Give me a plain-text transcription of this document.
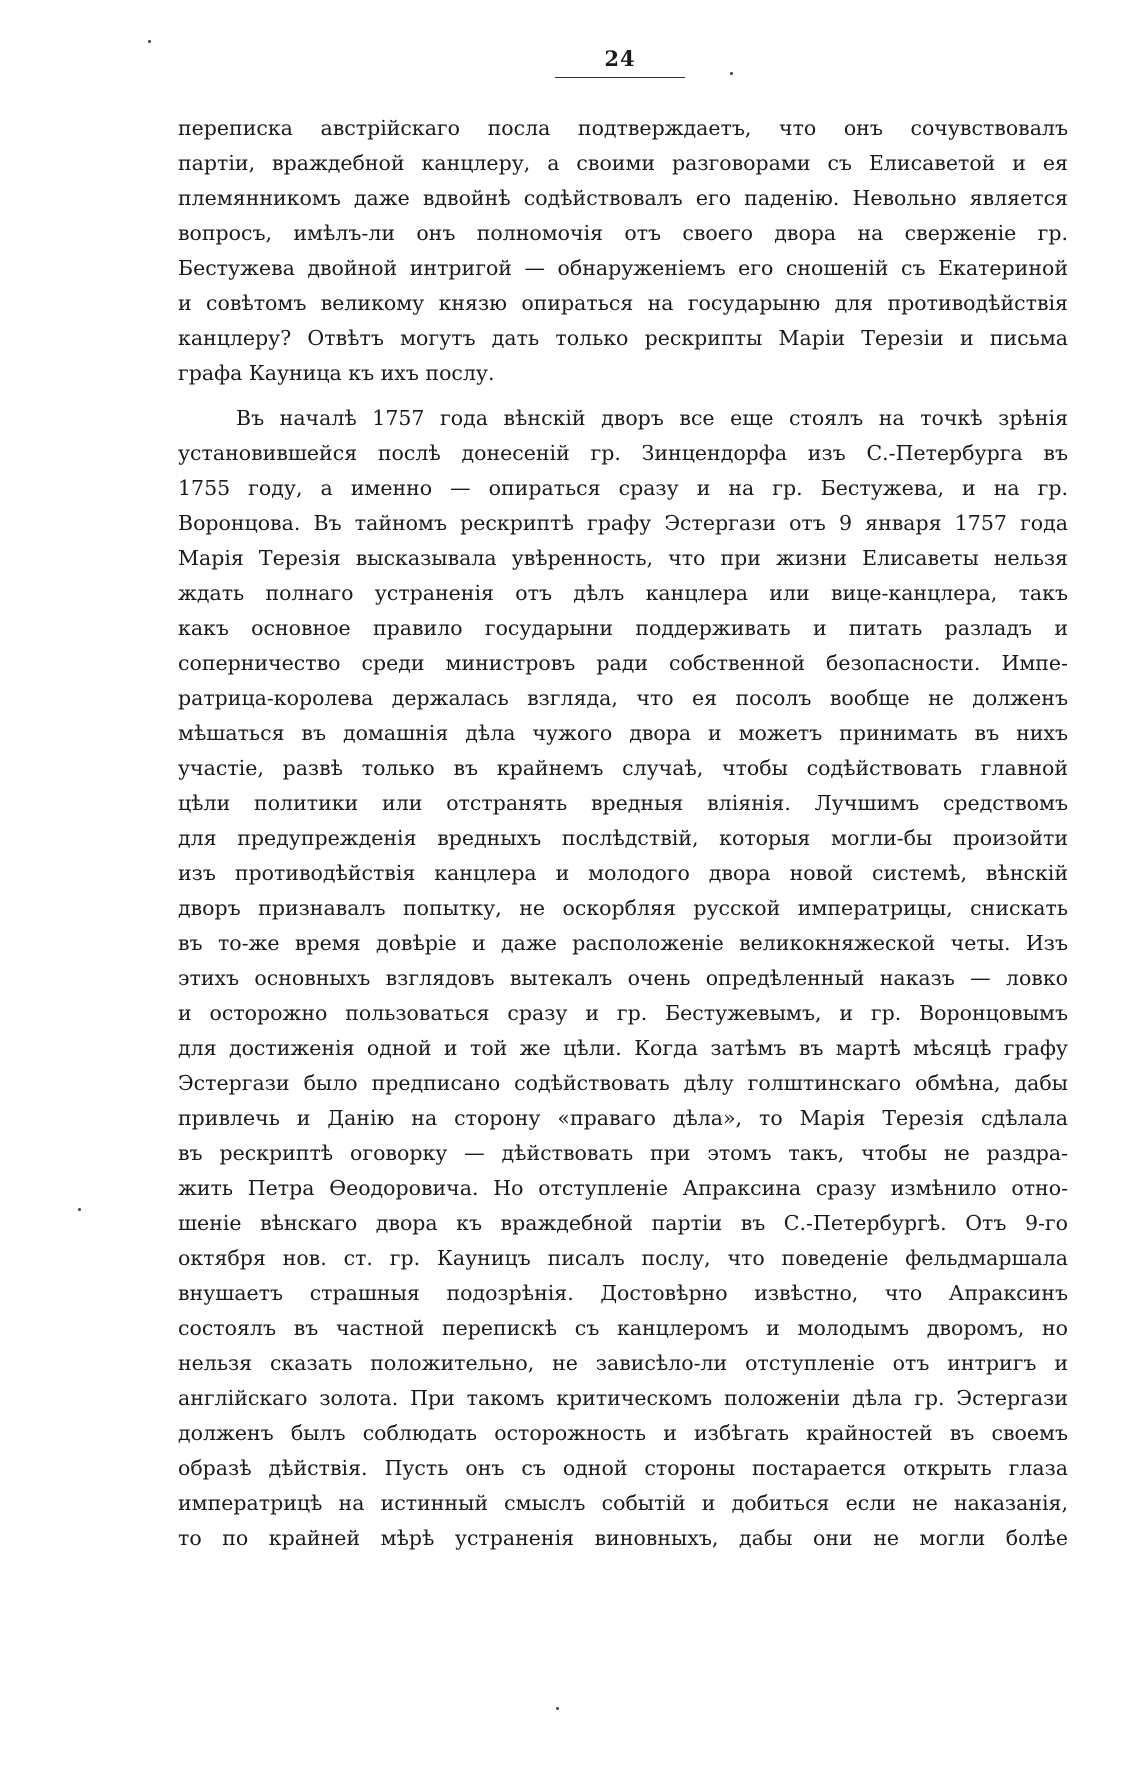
24
переписка австрійскаго посла подтверждаетъ, что онъ сочувствовалъ
партіи, враждебной канцлеру, а своими разговорами съ Елисаветой и ея
племянникомъ даже вдвойнѣ содѣйствовалъ его паденію. Невольно является
вопросъ, имѣлъ-ли онъ полномочія отъ своего двора на сверженіе гр.
Бестужева двойной интригой — обнаруженіемъ его сношеній съ Екатериной
и совѣтомъ великому князю опираться на государыню для противодѣйствія
канцлеру? Отвѣтъ могутъ дать только рескрипты Маріи Терезіи и письма
графа Кауница къ ихъ послу.
Въ началѣ 1757 года вѣнскій дворъ все еще стоялъ на точкѣ зрѣнія
установившейся послѣ донесеній гр. Зинцендорфа изъ С.-Петербурга въ
1755 году, а именно — опираться сразу и на гр. Бестужева, и на гр.
Воронцова. Въ тайномъ рескриптѣ графу Эстергази отъ 9 января 1757 года
Марія Терезія высказывала увѣренность, что при жизни Елисаветы нельзя
ждать полнаго устраненія отъ дѣлъ канцлера или вице-канцлера, такъ
какъ основное правило государыни поддерживать и питать разладъ и
соперничество среди министровъ ради собственной безопасности. Импе-
ратрица-королева держалась взгляда, что ея посолъ вообще не долженъ
мѣшаться въ домашнія дѣла чужого двора и можетъ принимать въ нихъ
участіе, развѣ только въ крайнемъ случаѣ, чтобы содѣйствовать главной
цѣли политики или отстранять вредныя вліянія. Лучшимъ средствомъ
для предупрежденія вредныхъ послѣдствій, которыя могли-бы произойти
изъ противодѣйствія канцлера и молодого двора новой системѣ, вѣнскій
дворъ признавалъ попытку, не оскорбляя русской императрицы, снискать
въ то-же время довѣріе и даже расположеніе великокняжеской четы. Изъ
этихъ основныхъ взглядовъ вытекалъ очень опредѣленный наказъ — ловко
и осторожно пользоваться сразу и гр. Бестужевымъ, и гр. Воронцовымъ
для достиженія одной и той же цѣли. Когда затѣмъ въ мартѣ мѣсяцѣ графу
Эстергази было предписано содѣйствовать дѣлу голштинскаго обмѣна, дабы
привлечь и Данію на сторону «праваго дѣла», то Марія Терезія сдѣлала
въ рескриптѣ оговорку — дѣйствовать при этомъ такъ, чтобы не раздра-
жить Петра Ѳеодоровича. Но отступленіе Апраксина сразу измѣнило отно-
шеніе вѣнскаго двора къ враждебной партіи въ С.-Петербургѣ. Отъ 9-го
октября нов. ст. гр. Кауницъ писалъ послу, что поведеніе фельдмаршала
внушаетъ страшныя подозрѣнія. Достовѣрно извѣстно, что Апраксинъ
состоялъ въ частной перепискѣ съ канцлеромъ и молодымъ дворомъ, но
нельзя сказать положительно, не зависѣло-ли отступленіе отъ интригъ и
англійскаго золота. При такомъ критическомъ положеніи дѣла гр. Эстергази
долженъ былъ соблюдать осторожность и избѣгать крайностей въ своемъ
образѣ дѣйствія. Пусть онъ съ одной стороны постарается открыть глаза
императрицѣ на истинный смыслъ событій и добиться если не наказанія,
то по крайней мѣрѣ устраненія виновныхъ, дабы они не могли болѣе
